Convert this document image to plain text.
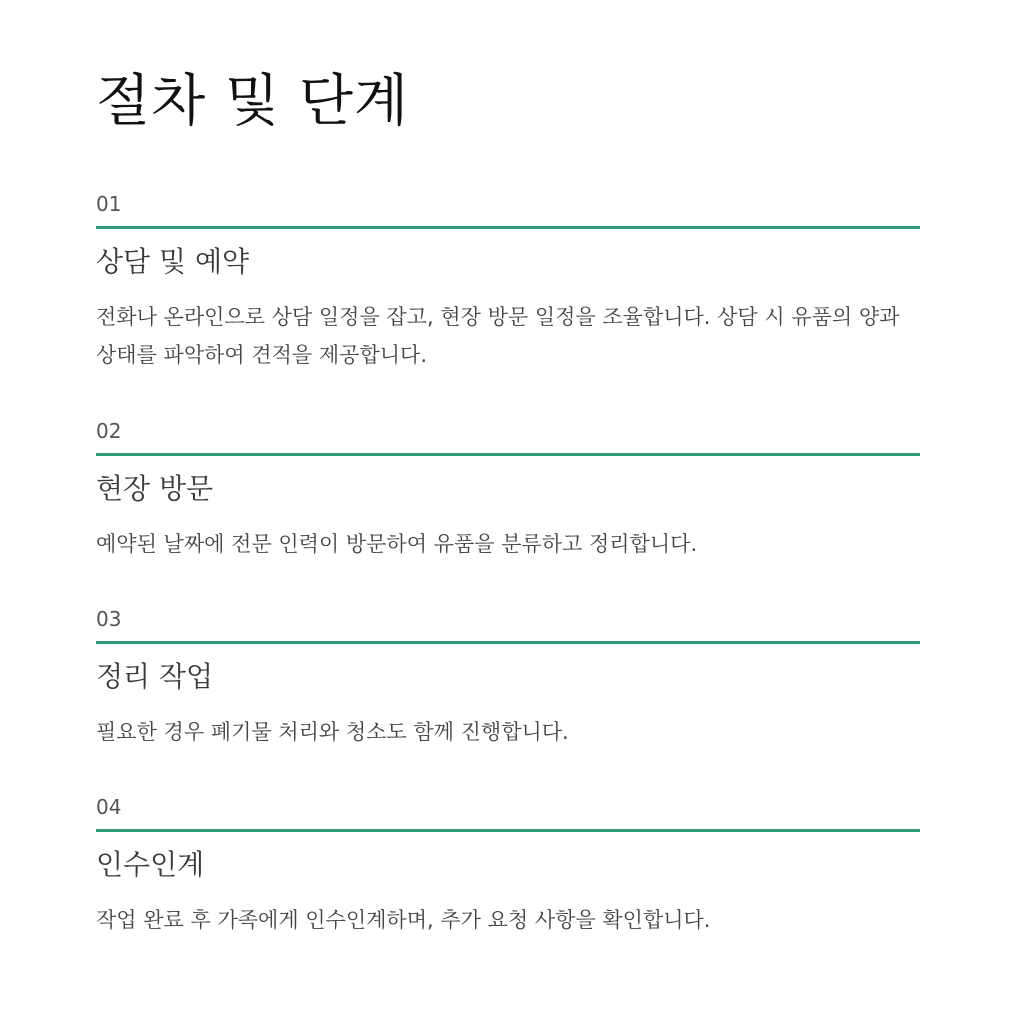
절차 및 단계
01
상담 및 예약

전화나 온라인으로 상담 일정을 잡고, 현장 방문 일정을 조율합니다. 상담 시 유품의 양과 상태를 파악하여 견적을 제공합니다.

02
현장 방문

예약된 날짜에 전문 인력이 방문하여 유품을 분류하고 정리합니다.

03
정리 작업

필요한 경우 폐기물 처리와 청소도 함께 진행합니다.

04
인수인계

작업 완료 후 가족에게 인수인계하며, 추가 요청 사항을 확인합니다.
